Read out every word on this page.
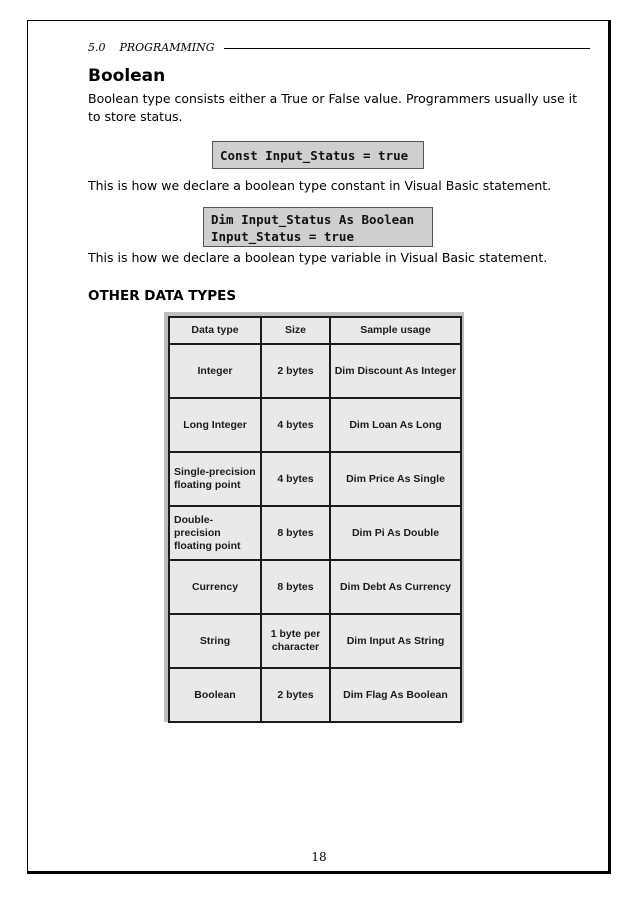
5.0    PROGRAMMING
Boolean
Boolean type consists either a True or False value. Programmers usually use it to store status.
Const Input_Status = true
This is how we declare a boolean type constant in Visual Basic statement.
Dim Input_Status As Boolean
Input_Status = true
This is how we declare a boolean type variable in Visual Basic statement.
OTHER DATA TYPES
Data type	Size	Sample usage
Integer	2 bytes	Dim Discount As Integer
Long Integer	4 bytes	Dim Loan As Long
Single-precision floating point	4 bytes	Dim Price As Single
Double-precision floating point	8 bytes	Dim Pi As Double
Currency	8 bytes	Dim Debt As Currency
String	1 byte per character	Dim Input As String
Boolean	2 bytes	Dim Flag As Boolean
18
